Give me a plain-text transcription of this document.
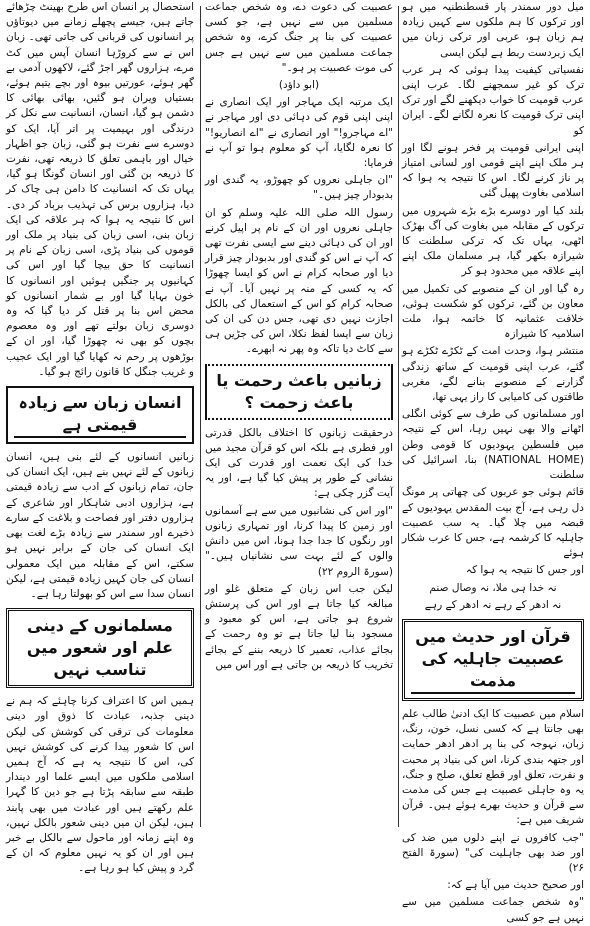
میل دور سمندر پار قسطنطنیہ میں ہو اور ترکوں کا ہم ملکوں سے کہیں زیادہ ہم زبان ہو، عربی اور ترکی زبان میں ایک زبردست ربط ہے لیکن ایسی

نفسیاتی کیفیت پیدا ہوئی کہ ہر عرب ترک کو غیر سمجھنے لگا۔ عرب اپنی عرب قومیت کا خواب دیکھنے لگے اور ترک اپنی ترک قومیت کا نعرہ لگانے لگے۔ ایران کو

اپنی ایرانی قومیت پر فخر ہونے لگا اور ہر ملک اپنے اپنے قومی اور لسانی امتیاز پر ناز کرنے لگا۔ اس کا نتیجہ یہ ہوا کہ اسلامی بغاوت پھیل گئی

بلند کیا اور دوسرے بڑے بڑے شہروں میں ترکوں کے مقابلہ میں بغاوت کی آگ بھڑک اٹھی، یہاں تک کہ ترکی سلطنت کا شیرازہ بکھر گیا، ہر مسلمان ملک اپنے اپنے علاقہ میں محدود ہو کر

رہ گیا اور ان کے منصوبے کی تکمیل میں معاون بن گئے، ترکوں کو شکست ہوئی، خلافت عثمانیہ کا خاتمہ ہوا، ملت اسلامیہ کا شیرازہ

منتشر ہوا، وحدت امت کے ٹکڑے ٹکڑے ہو گئے، عرب اپنی قومیت کے ساتھ زندگی گزارنے کے منصوبے بنانے لگے، مغربی طاقتوں کی کامیابی کا راز یہی تھا،

اور مسلمانوں کی طرف سے کوئی انگلی اٹھانے والا بھی نہیں رہا، اس کے نتیجہ میں فلسطین یہودیوں کا قومی وطن (NATIONAL HOME) بنا، اسرائیل کی سلطنت

قائم ہوئی جو عربوں کی چھاتی پر مونگ دل رہی ہے، آج بیت المقدس یہودیوں کے قبضہ میں چلا گیا۔ یہ سب عصبیت جاہلیہ کا کرشمہ ہے، جس کا عرب شکار ہوئے

اور جس کا نتیجہ یہ ہوا کہ

نہ خدا ہی ملا، نہ وصال صنم

نہ ادھر کے رہے نہ ادھر کے رہے

قرآن اور حدیث میں عصبیت جاہلیہ کی مذمت

اسلام میں عصبیت کا ایک ادنیٰ طالب علم بھی جانتا ہے کہ کسی نسل، خون، رنگ، زبان، نہوجہ کی بنا پر ادھر ادھر حمایت اور جتھہ بندی کرنا، اس کی بنیاد پر محبت و نفرت، تعلق اور قطع تعلق، صلح و جنگ، یہ وہ جاہلی عصبیت ہے جس کی مذمت سے قرآن و حدیث بھرے ہوئے ہیں۔ قرآن شریف میں ہے:

"جب کافروں نے اپنے دلوں میں ضد کی اور ضد بھی جاہلیت کی" (سورۃ الفتح ۲۶)

اور صحیح حدیث میں آیا ہے کہ:

"وہ شخص جماعت مسلمین میں سے نہیں ہے جو کسی

عصبیت کی دعوت دے، وہ شخص جماعت مسلمین میں سے نہیں ہے، جو کسی عصبیت کی بنا پر جنگ کرے، وہ شخص جماعت مسلمین میں سے نہیں ہے جس کی موت عصبیت پر ہو۔"

(ابو داؤد)

ایک مرتبہ ایک مہاجر اور ایک انصاری نے اپنی اپنی قوم کی دہائی دی اور مہاجر نے "اے مہاجرو!" اور انصاری نے "اے انصاریو!" کا نعرہ لگایا، آپ کو معلوم ہوا تو آپ نے فرمایا:

"ان جاہلی نعروں کو چھوڑو، یہ گندی اور بدبودار چیز ہیں۔"

رسول اللہ صلی اللہ علیہ وسلم کو ان جاہلی نعروں اور ان کے نام پر اپیل کرنے اور ان کی دہائی دینے سے ایسی نفرت تھی کہ آپ نے اس کو گندی اور بدبودار چیز قرار دیا اور صحابہ کرام نے اس کو ایسا چھوڑا کہ یہ کسی کے منہ پر نہیں آیا۔ آپ نے صحابہ کرام کو اس کے استعمال کی بالکل اجازت نہیں دی تھی، جس دن کی ان کی زبان سے ایسا لفظ نکلا، اس کی جڑیں ہی سے کاٹ دیا تاکہ وہ پھر نہ ابھرے۔

زبانیں باعث رحمت یا باعث زحمت ؟

درحقیقت زبانوں کا اختلاف بالکل قدرتی اور فطری ہے بلکہ اس کو قرآن مجید میں خدا کی ایک نعمت اور قدرت کی ایک نشانی کے طور پر پیش کیا گیا ہے، اور یہ آیت گزر چکی ہے:

"اور اس کی نشانیوں میں سے ہے آسمانوں اور زمین کا پیدا کرنا، اور تمہاری زبانوں اور رنگوں کا جدا جدا ہونا، اس میں دانش والوں کے لئے بہت سی نشانیاں ہیں۔" (سورۃ الروم ۲۲)

لیکن جب اس زبان کے متعلق غلو اور مبالغہ کیا جاتا ہے اور اس کی پرستش شروع ہو جاتی ہے، اس کو معبود و مسجود بنا لیا جاتا ہے تو وہ رحمت کے بجائے عذاب، تعمیر کا ذریعہ بننے کے بجائے تخریب کا ذریعہ بن جاتی ہے اور اس میں

استحصال پر انسان اس طرح بھینٹ چڑھائے جاتے ہیں، جیسے پچھلے زمانے میں دیوتاؤں پر انسانوں کی قربانی کی جاتی تھی۔ زبان اس نے سے کروڑہا انسان آپس میں کٹ مرے، ہزاروں گھر اجڑ گئے، لاکھوں آدمی بے گھر ہوئے، عورتیں بیوہ اور بچے یتیم ہوئے، بستیاں ویران ہو گئیں، بھائی بھائی کا دشمن ہو گیا، انسان، انسانیت سے نکل کر درندگی اور بہیمیت پر اتر آیا، ایک کو دوسرے سے نفرت ہو گئی، زبان جو اظہار خیال اور باہمی تعلق کا ذریعہ تھی، نفرت کا ذریعہ بن گئی اور انسان گونگا ہو گیا، یہاں تک کہ انسانیت کا دامن ہی چاک کر دیا، ہزاروں برس کی تہذیب برباد کر دی۔ اس کا نتیجہ یہ ہوا کہ ہر علاقہ کی ایک زبان بنی، اسی زبان کی بنیاد پر ملک اور قوموں کی بنیاد پڑی، اسی زبان کے نام پر انسانیت کا حق بیچا گیا اور اس کی کہانیوں پر جنگیں ہوئیں اور انسانوں کا خون بہایا گیا اور بے شمار انسانوں کو محض اس بنا پر قتل کر دیا گیا کہ وہ دوسری زبان بولتے تھے اور وہ معصوم بچوں کو بھی نہ چھوڑا گیا، اور ان کے بوڑھوں پر رحم نہ کھایا گیا اور ایک عجیب و غریب جنگل کا قانون رائج ہو گیا۔

انسان زبان سے زیادہ قیمتی ہے

زبانیں انسانوں کے لئے بنی ہیں، انسان زبانوں کے لئے نہیں بنے ہیں، ایک انسان کی جان، تمام زبانوں کے ادب سے زیادہ قیمتی ہے، ہزاروں ادبی شاہکار اور شاعری کے ہزاروں دفتر اور فصاحت و بلاغت کے سارے ذخیرے اور سمندر سے زیادہ بڑے لغت بھی ایک انسان کی جان کے برابر نہیں ہو سکتے، اس کے مقابلہ میں ایک معمولی انسان کی جان کہیں زیادہ قیمتی ہے، لیکن انسان سدا سے اس کو بھولتا رہا ہے۔

مسلمانوں کے دینی علم اور شعور میں تناسب نہیں

ہمیں اس کا اعتراف کرنا چاہئے کہ ہم نے دینی جذبہ، عبادت کا ذوق اور دینی معلومات کی ترقی کی کوشش کی لیکن اس کا شعور پیدا کرنے کی کوشش نہیں کی، اس کا نتیجہ یہ ہے کہ آج ہمیں اسلامی ملکوں میں ایسے علما اور دیندار طبقہ سے سابقہ پڑتا ہے جو دین کا گہرا علم رکھتے ہیں اور عبادت میں بھی پابند ہیں، لیکن ان میں دینی شعور بالکل نہیں، وہ اپنے زمانہ اور ماحول سے بالکل بے خبر ہیں اور ان کو یہ نہیں معلوم کہ ان کے گرد و پیش کیا ہو رہا ہے۔
